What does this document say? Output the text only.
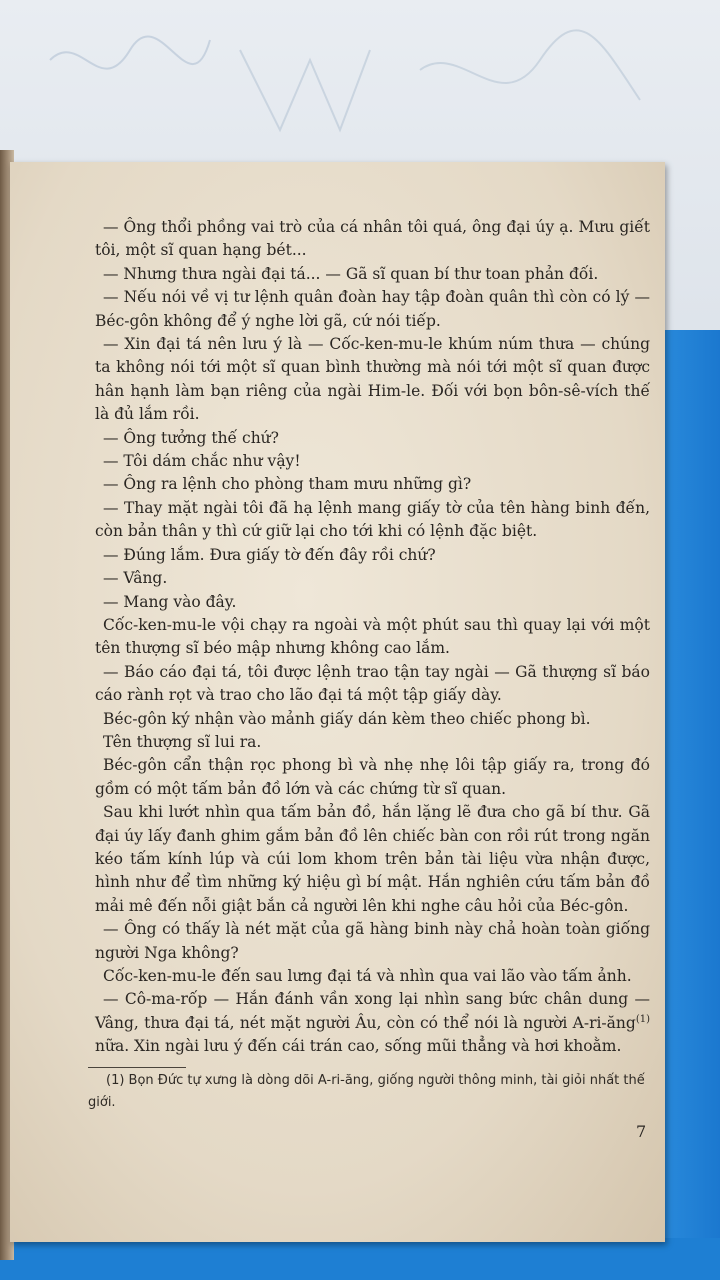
— Ông thổi phồng vai trò của cá nhân tôi quá, ông đại úy ạ. Mưu giết tôi, một sĩ quan hạng bét...

— Nhưng thưa ngài đại tá... — Gã sĩ quan bí thư toan phản đối.

— Nếu nói về vị tư lệnh quân đoàn hay tập đoàn quân thì còn có lý — Béc-gôn không để ý nghe lời gã, cứ nói tiếp.

— Xin đại tá nên lưu ý là — Cốc-ken-mu-le khúm núm thưa — chúng ta không nói tới một sĩ quan bình thường mà nói tới một sĩ quan được hân hạnh làm bạn riêng của ngài Him-le. Đối với bọn bôn-sê-vích thế là đủ lắm rồi.

— Ông tưởng thế chứ?

— Tôi dám chắc như vậy!

— Ông ra lệnh cho phòng tham mưu những gì?

— Thay mặt ngài tôi đã hạ lệnh mang giấy tờ của tên hàng binh đến, còn bản thân y thì cứ giữ lại cho tới khi có lệnh đặc biệt.

— Đúng lắm. Đưa giấy tờ đến đây rồi chứ?

— Vâng.

— Mang vào đây.

Cốc-ken-mu-le vội chạy ra ngoài và một phút sau thì quay lại với một tên thượng sĩ béo mập nhưng không cao lắm.

— Báo cáo đại tá, tôi được lệnh trao tận tay ngài — Gã thượng sĩ báo cáo rành rọt và trao cho lão đại tá một tập giấy dày.

Béc-gôn ký nhận vào mảnh giấy dán kèm theo chiếc phong bì.

Tên thượng sĩ lui ra.

Béc-gôn cẩn thận rọc phong bì và nhẹ nhẹ lôi tập giấy ra, trong đó gồm có một tấm bản đồ lớn và các chứng từ sĩ quan.

Sau khi lướt nhìn qua tấm bản đồ, hắn lặng lẽ đưa cho gã bí thư. Gã đại úy lấy đanh ghim gắm bản đồ lên chiếc bàn con rồi rút trong ngăn kéo tấm kính lúp và cúi lom khom trên bản tài liệu vừa nhận được, hình như để tìm những ký hiệu gì bí mật. Hắn nghiên cứu tấm bản đồ mải mê đến nỗi giật bắn cả người lên khi nghe câu hỏi của Béc-gôn.

— Ông có thấy là nét mặt của gã hàng binh này chả hoàn toàn giống người Nga không?

Cốc-ken-mu-le đến sau lưng đại tá và nhìn qua vai lão vào tấm ảnh.

— Cô-ma-rốp — Hắn đánh vần xong lại nhìn sang bức chân dung — Vâng, thưa đại tá, nét mặt người Âu, còn có thể nói là người A-ri-ăng$^{(1)}$ nữa. Xin ngài lưu ý đến cái trán cao, sống mũi thẳng và hơi khoằm.

(1) Bọn Đức tự xưng là dòng dõi A-ri-ăng, giống người thông minh, tài giỏi nhất thế giới.

7
